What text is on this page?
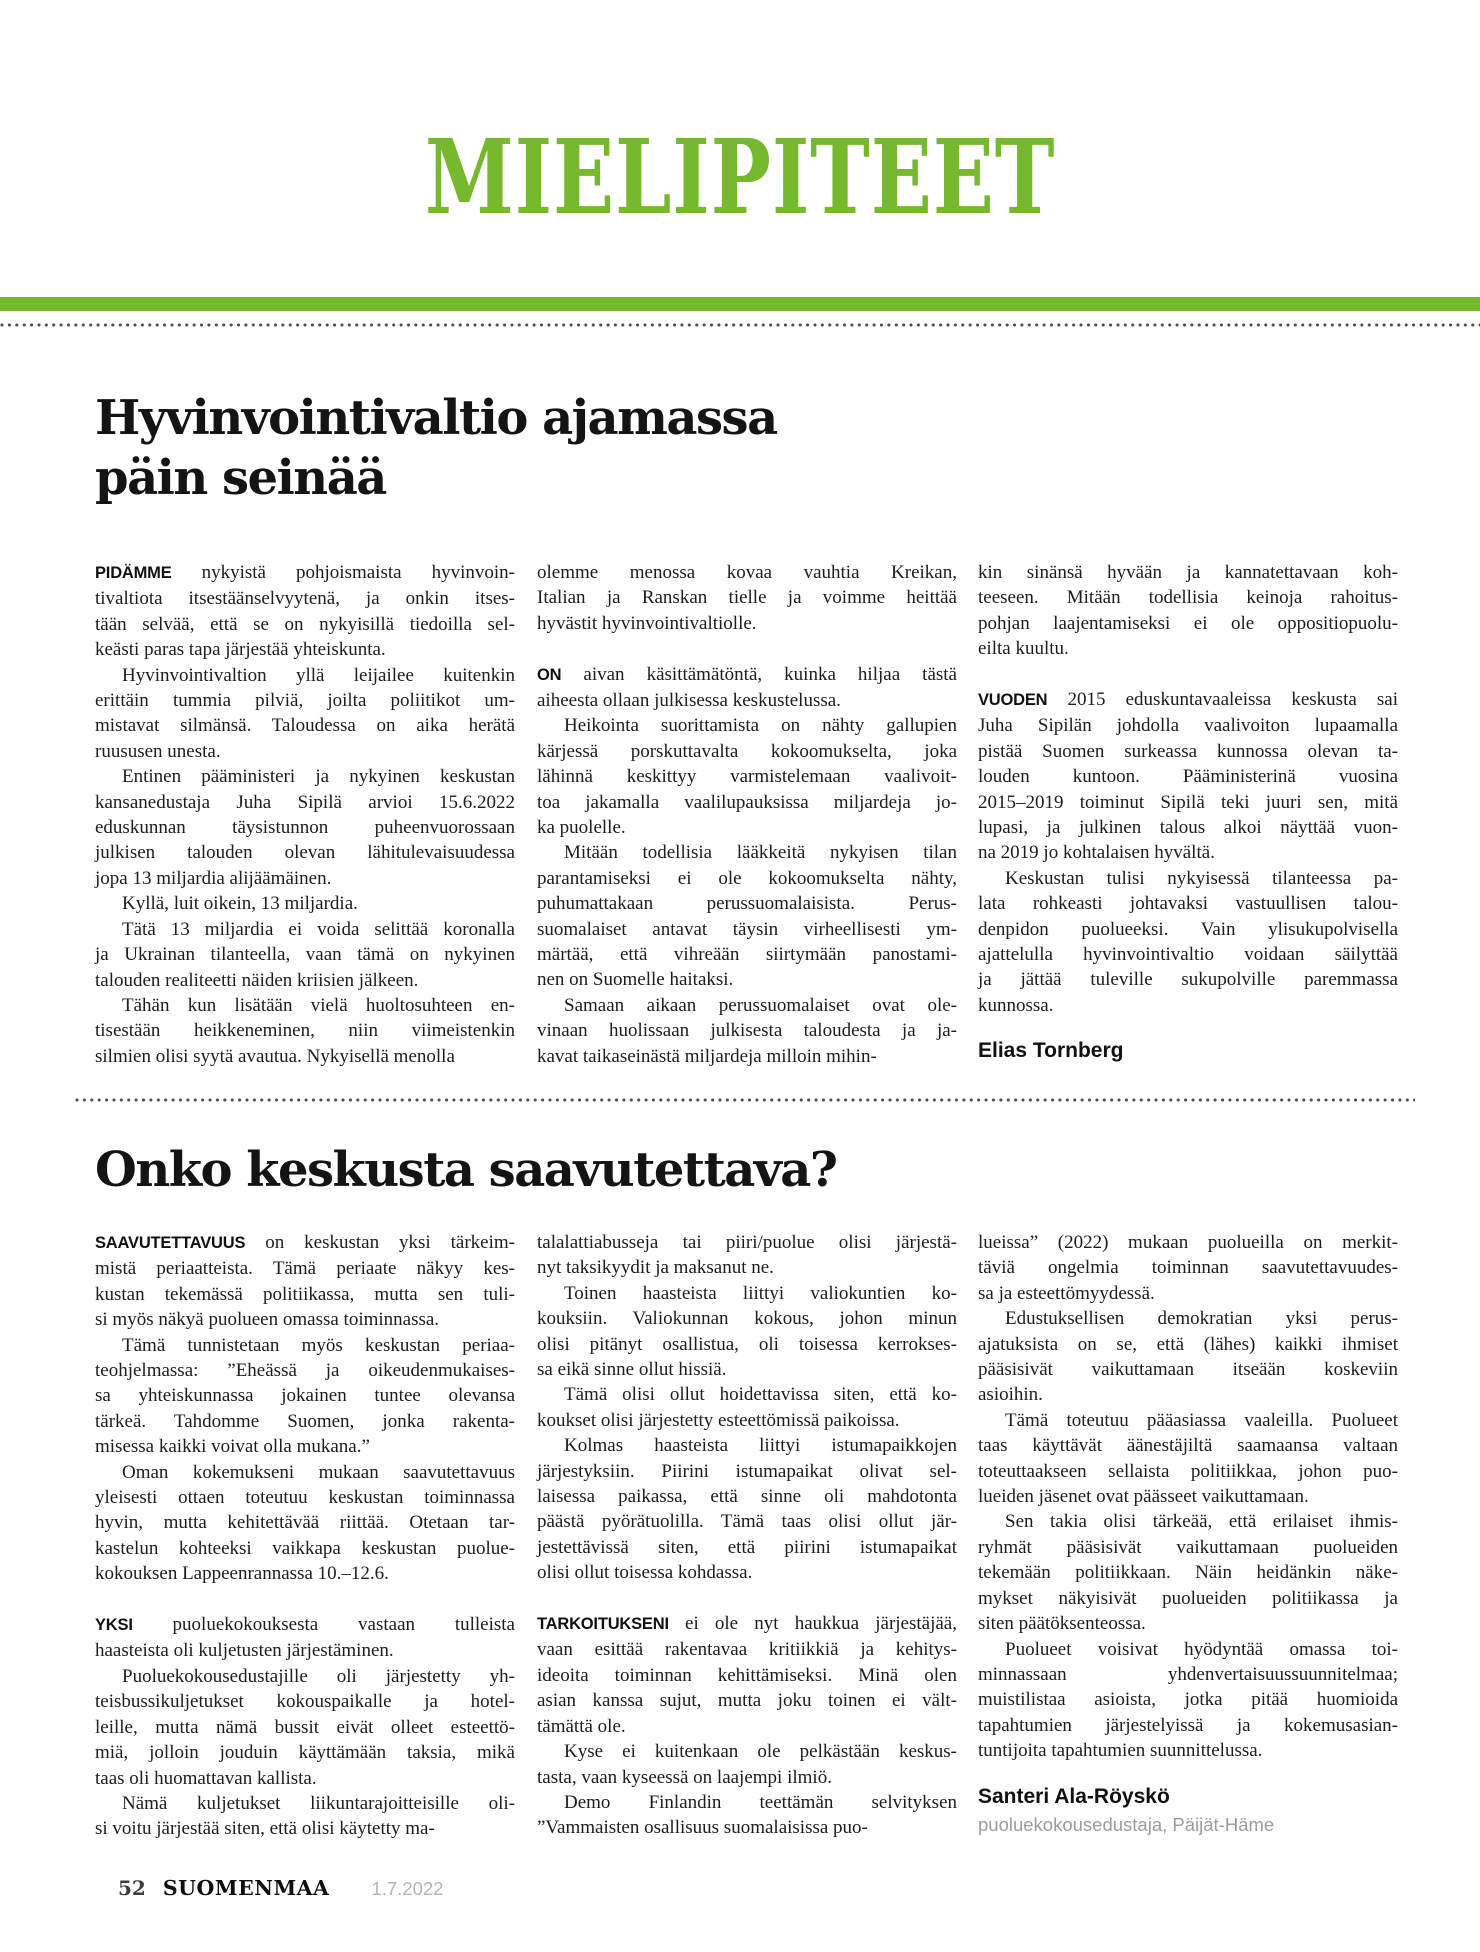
MIELIPITEET
Hyvinvointivaltio ajamassa
päin seinää
PIDÄMME nykyistä pohjoismaista hyvinvoin-
tivaltiota itsestäänselvyytenä, ja onkin itses-
tään selvää, että se on nykyisillä tiedoilla sel-
keästi paras tapa järjestää yhteiskunta.
Hyvinvointivaltion yllä leijailee kuitenkin
erittäin tummia pilviä, joilta poliitikot um-
mistavat silmänsä. Taloudessa on aika herätä
ruususen unesta.
Entinen pääministeri ja nykyinen keskustan
kansanedustaja Juha Sipilä arvioi 15.6.2022
eduskunnan täysistunnon puheenvuorossaan
julkisen talouden olevan lähitulevaisuudessa
jopa 13 miljardia alijäämäinen.
Kyllä, luit oikein, 13 miljardia.
Tätä 13 miljardia ei voida selittää koronalla
ja Ukrainan tilanteella, vaan tämä on nykyinen
talouden realiteetti näiden kriisien jälkeen.
Tähän kun lisätään vielä huoltosuhteen en-
tisestään heikkeneminen, niin viimeistenkin
silmien olisi syytä avautua. Nykyisellä menolla
olemme menossa kovaa vauhtia Kreikan,
Italian ja Ranskan tielle ja voimme heittää
hyvästit hyvinvointivaltiolle.
ON aivan käsittämätöntä, kuinka hiljaa tästä
aiheesta ollaan julkisessa keskustelussa.
Heikointa suorittamista on nähty gallupien
kärjessä porskuttavalta kokoomukselta, joka
lähinnä keskittyy varmistelemaan vaalivoit-
toa jakamalla vaalilupauksissa miljardeja jo-
ka puolelle.
Mitään todellisia lääkkeitä nykyisen tilan
parantamiseksi ei ole kokoomukselta nähty,
puhumattakaan perussuomalaisista. Perus-
suomalaiset antavat täysin virheellisesti ym-
märtää, että vihreään siirtymään panostami-
nen on Suomelle haitaksi.
Samaan aikaan perussuomalaiset ovat ole-
vinaan huolissaan julkisesta taloudesta ja ja-
kavat taikaseinästä miljardeja milloin mihin-
kin sinänsä hyvään ja kannatettavaan koh-
teeseen. Mitään todellisia keinoja rahoitus-
pohjan laajentamiseksi ei ole oppositiopuolu-
eilta kuultu.
VUODEN 2015 eduskuntavaaleissa keskusta sai
Juha Sipilän johdolla vaalivoiton lupaamalla
pistää Suomen surkeassa kunnossa olevan ta-
louden kuntoon. Pääministerinä vuosina
2015–2019 toiminut Sipilä teki juuri sen, mitä
lupasi, ja julkinen talous alkoi näyttää vuon-
na 2019 jo kohtalaisen hyvältä.
Keskustan tulisi nykyisessä tilanteessa pa-
lata rohkeasti johtavaksi vastuullisen talou-
denpidon puolueeksi. Vain ylisukupolvisella
ajattelulla hyvinvointivaltio voidaan säilyttää
ja jättää tuleville sukupolville paremmassa
kunnossa.
Elias Tornberg
Onko keskusta saavutettava?
SAAVUTETTAVUUS on keskustan yksi tärkeim-
mistä periaatteista. Tämä periaate näkyy kes-
kustan tekemässä politiikassa, mutta sen tuli-
si myös näkyä puolueen omassa toiminnassa.
Tämä tunnistetaan myös keskustan periaa-
teohjelmassa: ”Eheässä ja oikeudenmukaises-
sa yhteiskunnassa jokainen tuntee olevansa
tärkeä. Tahdomme Suomen, jonka rakenta-
misessa kaikki voivat olla mukana.”
Oman kokemukseni mukaan saavutettavuus
yleisesti ottaen toteutuu keskustan toiminnassa
hyvin, mutta kehitettävää riittää. Otetaan tar-
kastelun kohteeksi vaikkapa keskustan puolue-
kokouksen Lappeenrannassa 10.–12.6.
YKSI puoluekokouksesta vastaan tulleista
haasteista oli kuljetusten järjestäminen.
Puoluekokousedustajille oli järjestetty yh-
teisbussikuljetukset kokouspaikalle ja hotel-
leille, mutta nämä bussit eivät olleet esteettö-
miä, jolloin jouduin käyttämään taksia, mikä
taas oli huomattavan kallista.
Nämä kuljetukset liikuntarajoitteisille oli-
si voitu järjestää siten, että olisi käytetty ma-
talalattiabusseja tai piiri/puolue olisi järjestä-
nyt taksikyydit ja maksanut ne.
Toinen haasteista liittyi valiokuntien ko-
kouksiin. Valiokunnan kokous, johon minun
olisi pitänyt osallistua, oli toisessa kerrokses-
sa eikä sinne ollut hissiä.
Tämä olisi ollut hoidettavissa siten, että ko-
koukset olisi järjestetty esteettömissä paikoissa.
Kolmas haasteista liittyi istumapaikkojen
järjestyksiin. Piirini istumapaikat olivat sel-
laisessa paikassa, että sinne oli mahdotonta
päästä pyörätuolilla. Tämä taas olisi ollut jär-
jestettävissä siten, että piirini istumapaikat
olisi ollut toisessa kohdassa.
TARKOITUKSENI ei ole nyt haukkua järjestäjää,
vaan esittää rakentavaa kritiikkiä ja kehitys-
ideoita toiminnan kehittämiseksi. Minä olen
asian kanssa sujut, mutta joku toinen ei vält-
tämättä ole.
Kyse ei kuitenkaan ole pelkästään keskus-
tasta, vaan kyseessä on laajempi ilmiö.
Demo Finlandin teettämän selvityksen
”Vammaisten osallisuus suomalaisissa puo-
lueissa” (2022) mukaan puolueilla on merkit-
täviä ongelmia toiminnan saavutettavuudes-
sa ja esteettömyydessä.
Edustuksellisen demokratian yksi perus-
ajatuksista on se, että (lähes) kaikki ihmiset
pääsisivät vaikuttamaan itseään koskeviin
asioihin.
Tämä toteutuu pääasiassa vaaleilla. Puolueet
taas käyttävät äänestäjiltä saamaansa valtaan
toteuttaakseen sellaista politiikkaa, johon puo-
lueiden jäsenet ovat päässeet vaikuttamaan.
Sen takia olisi tärkeää, että erilaiset ihmis-
ryhmät pääsisivät vaikuttamaan puolueiden
tekemään politiikkaan. Näin heidänkin näke-
mykset näkyisivät puolueiden politiikassa ja
siten päätöksenteossa.
Puolueet voisivat hyödyntää omassa toi-
minnassaan yhdenvertaisuussuunnitelmaa;
muistilistaa asioista, jotka pitää huomioida
tapahtumien järjestelyissä ja kokemusasian-
tuntijoita tapahtumien suunnittelussa.
Santeri Ala-Röyskö
puoluekokousedustaja, Päijät-Häme
52 SUOMENMAA 1.7.2022
